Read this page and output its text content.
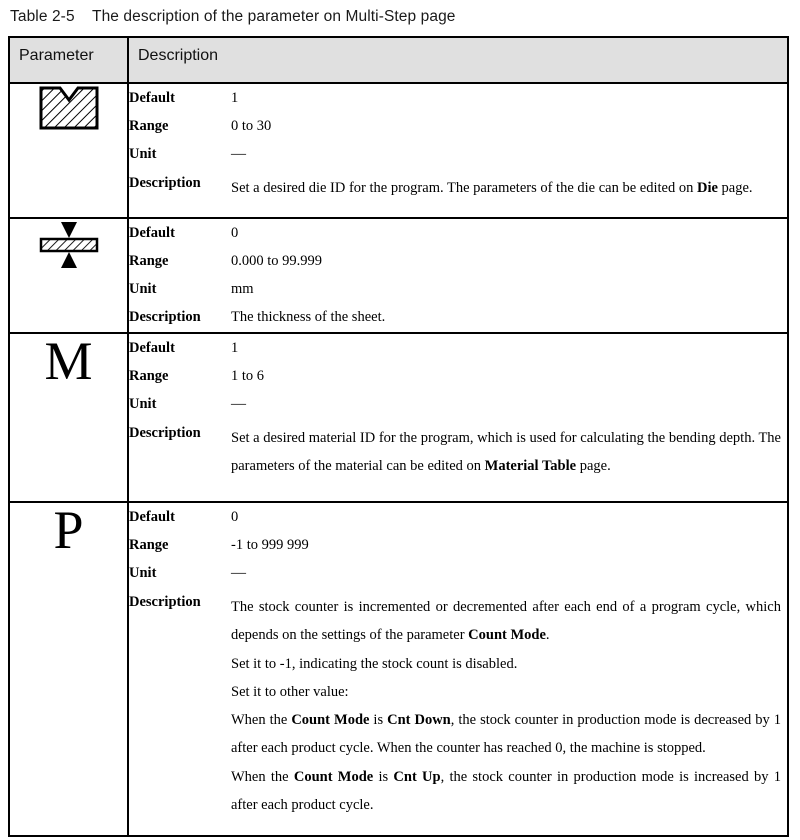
Table 2-5    The description of the parameter on Multi-Step page
Parameter	Description

Default	1
Range	0 to 30
Unit	—
Description	Set a desired die ID for the program. The parameters of the die can be edited on Die page.

Default	0
Range	0.000 to 99.999
Unit	mm
Description	The thickness of the sheet.

M	Default	1
Range	1 to 6
Unit	—
Description	Set a desired material ID for the program, which is used for calculating the bending depth. The parameters of the material can be edited on Material Table page.

P	Default	0
Range	-1 to 999 999
Unit	—
Description	The stock counter is incremented or decremented after each end of a program cycle, which depends on the settings of the parameter Count Mode.

Set it to -1, indicating the stock count is disabled.

Set it to other value:

When the Count Mode is Cnt Down, the stock counter in production mode is decreased by 1 after each product cycle. When the counter has reached 0, the machine is stopped.

When the Count Mode is Cnt Up, the stock counter in production mode is increased by 1 after each product cycle.
